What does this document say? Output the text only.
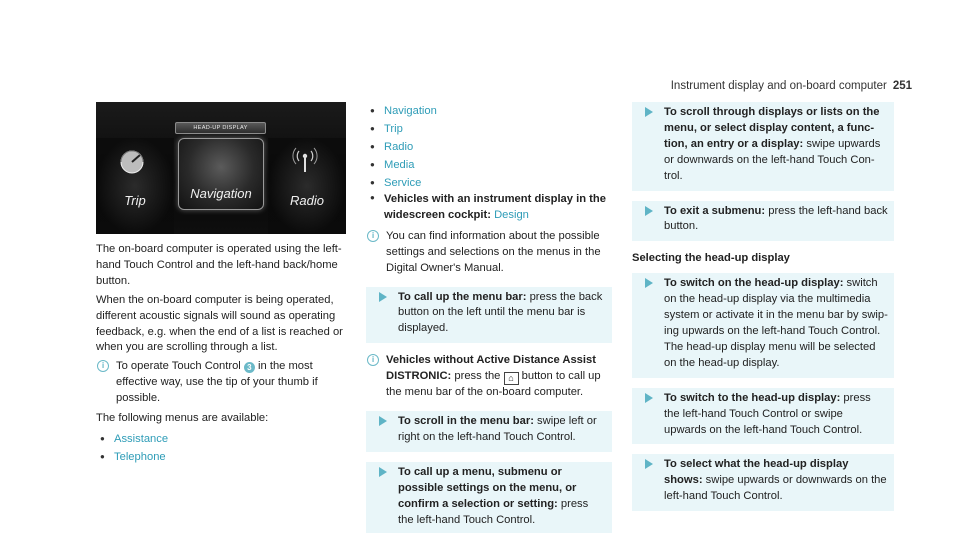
Instrument display and on-board computer 251
HEAD-UP DISPLAY
Trip	Navigation	Radio

The on-board computer is operated using the left-hand Touch Control and the left-hand back/home button.

When the on-board computer is being operated, different acoustic signals will sound as operating feedback, e.g. when the end of a list is reached or when you are scrolling through a list.

i	To operate Touch Control 3 in the most effective way, use the tip of your thumb if possible.

The following menus are available:

● Assistance
● Telephone
● Navigation
● Trip
● Radio
● Media
● Service
● Vehicles with an instrument display in the widescreen cockpit: Design
i	You can find information about the possible settings and selections on the menus in the Digital Owner's Manual.
To call up the menu bar: press the back button on the left until the menu bar is displayed.
i	Vehicles without Active Distance Assist DISTRONIC: press the ⌂ button to call up the menu bar of the on-board computer.
To scroll in the menu bar: swipe left or right on the left-hand Touch Control.
To call up a menu, submenu or possible settings on the menu, or confirm a selection or setting: press the left-hand Touch Control.
To scroll through displays or lists on the menu, or select display content, a function, an entry or a display: swipe upwards or downwards on the left-hand Touch Control.
To exit a submenu: press the left-hand back button.
Selecting the head-up display
To switch on the head-up display: switch on the head-up display via the multimedia system or activate it in the menu bar by swiping upwards on the left-hand Touch Control. The head-up display menu will be selected on the head-up display.
To switch to the head-up display: press the left-hand Touch Control or swipe upwards on the left-hand Touch Control.
To select what the head-up display shows: swipe upwards or downwards on the left-hand Touch Control.
